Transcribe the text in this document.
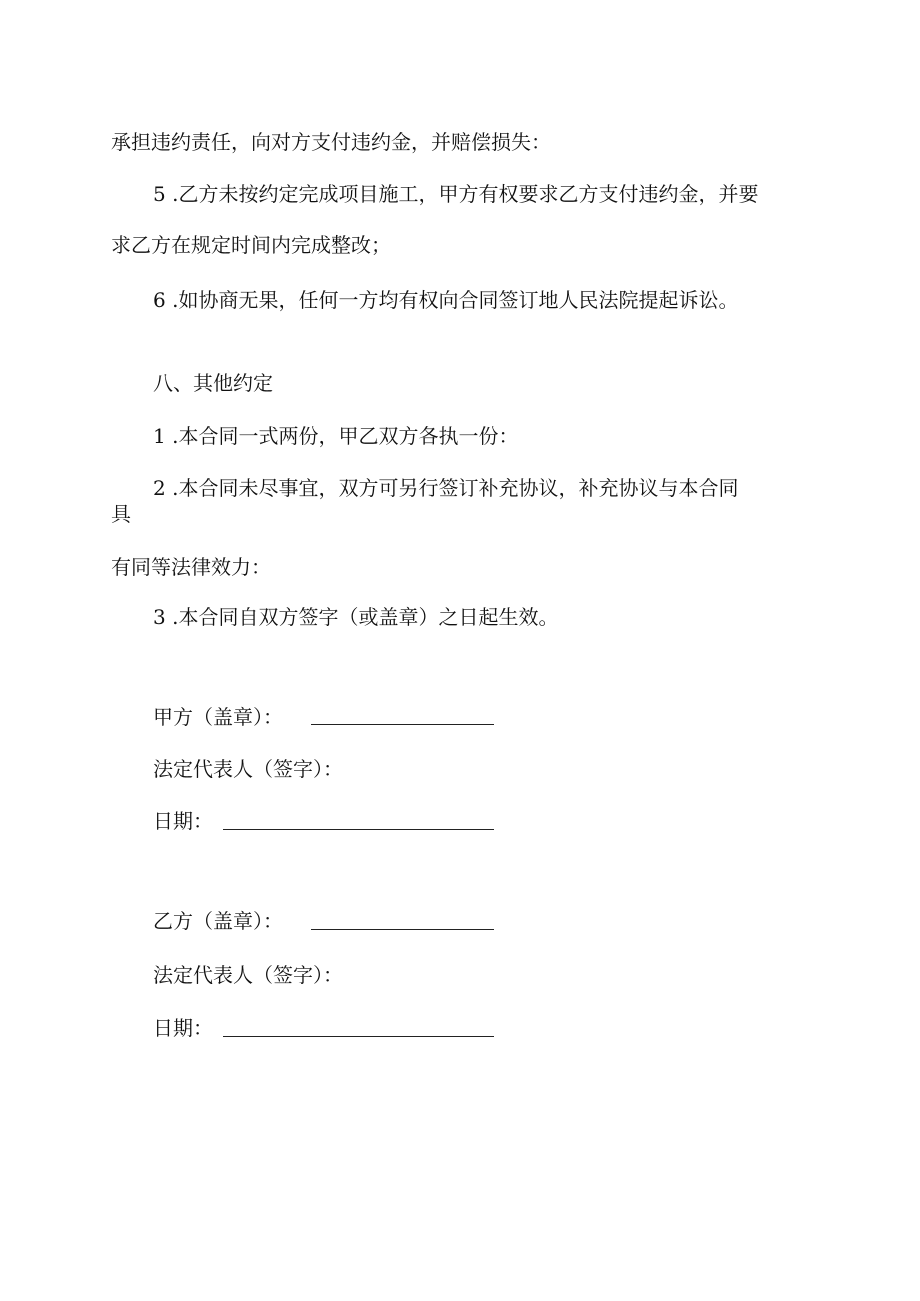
承担违约责任，向对方支付违约金，并赔偿损失：
5 .乙方未按约定完成项目施工，甲方有权要求乙方支付违约金，并要
求乙方在规定时间内完成整改；
6 .如协商无果，任何一方均有权向合同签订地人民法院提起诉讼。
八、其他约定
1 .本合同一式两份，甲乙双方各执一份：
2 .本合同未尽事宜，双方可另行签订补充协议，补充协议与本合同
具
有同等法律效力：
3 .本合同自双方签字（或盖章）之日起生效。
甲方（盖章）：
法定代表人（签字）：
日期：
乙方（盖章）：
法定代表人（签字）：
日期：
